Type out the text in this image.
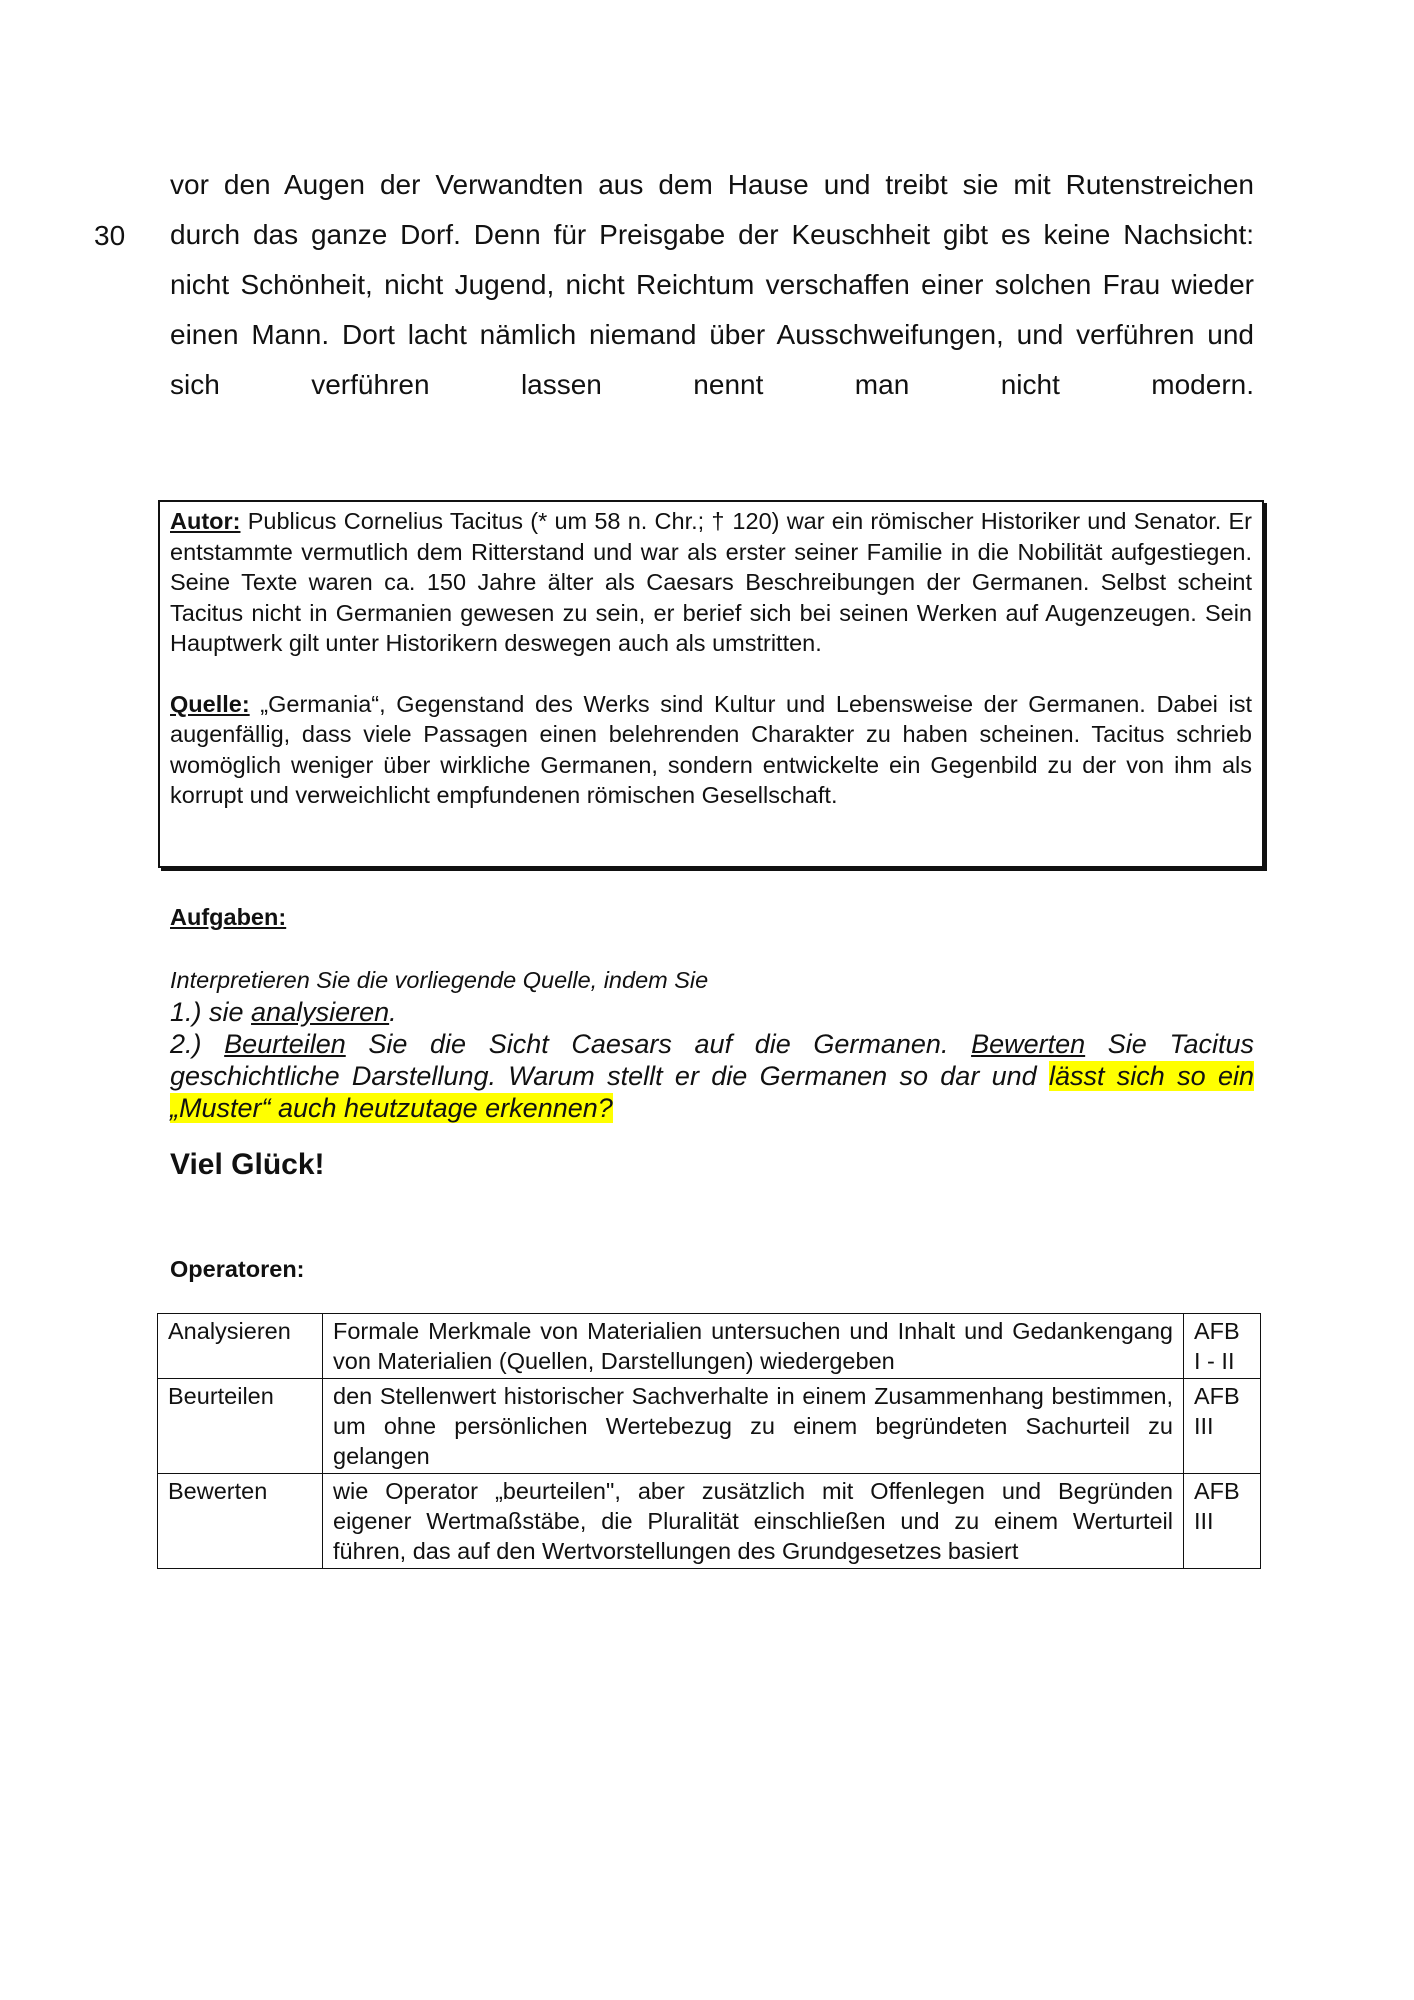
30
vor den Augen der Verwandten aus dem Hause und treibt sie mit Rutenstreichen
durch das ganze Dorf. Denn für Preisgabe der Keuschheit gibt es keine Nachsicht:
nicht Schönheit, nicht Jugend, nicht Reichtum verschaffen einer solchen Frau wieder
einen Mann. Dort lacht nämlich niemand über Ausschweifungen, und verführen und
sich verführen lassen nennt man nicht modern.

Autor: Publicus Cornelius Tacitus (* um 58 n. Chr.; † 120) war ein römischer Historiker und Senator. Er entstammte vermutlich dem Ritterstand und war als erster seiner Familie in die Nobilität aufgestiegen. Seine Texte waren ca. 150 Jahre älter als Caesars Beschreibungen der Germanen. Selbst scheint Tacitus nicht in Germanien gewesen zu sein, er berief sich bei seinen Werken auf Augenzeugen. Sein Hauptwerk gilt unter Historikern deswegen auch als umstritten.

Quelle: „Germania“, Gegenstand des Werks sind Kultur und Lebensweise der Germanen. Dabei ist augenfällig, dass viele Passagen einen belehrenden Charakter zu haben scheinen. Tacitus schrieb womöglich weniger über wirkliche Germanen, sondern entwickelte ein Gegenbild zu der von ihm als korrupt und verweichlicht empfundenen römischen Gesellschaft.

Aufgaben:
Interpretieren Sie die vorliegende Quelle, indem Sie
1.) sie analysieren.
2.) Beurteilen Sie die Sicht Caesars auf die Germanen. Bewerten Sie Tacitus geschichtliche Darstellung. Warum stellt er die Germanen so dar und lässt sich so ein „Muster“ auch heutzutage erkennen?
Viel Glück!
Operatoren:
Analysieren	Formale Merkmale von Materialien untersuchen und Inhalt und Gedankengang von Materialien (Quellen, Darstellungen) wiedergeben	AFB
I - II
Beurteilen	den Stellenwert historischer Sachverhalte in einem Zusammenhang bestimmen, um ohne persönlichen Wertebezug zu einem begründeten Sachurteil zu gelangen	AFB
III
Bewerten	wie Operator „beurteilen", aber zusätzlich mit Offenlegen und Begründen eigener Wertmaßstäbe, die Pluralität einschließen und zu einem Werturteil führen, das auf den Wertvorstellungen des Grundgesetzes basiert	AFB
III
